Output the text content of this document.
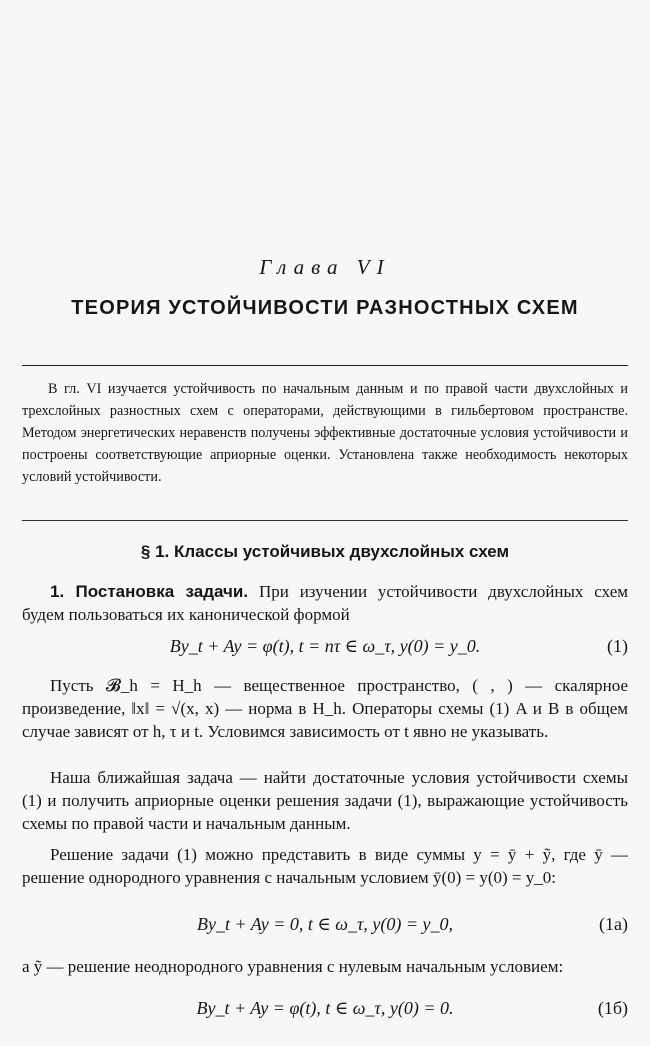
Глава VI
ТЕОРИЯ УСТОЙЧИВОСТИ РАЗНОСТНЫХ СХЕМ

В гл. VI изучается устойчивость по начальным данным и по правой части двухслойных и трехслойных разностных схем с операторами, действующими в гильбертовом пространстве. Методом энергетических неравенств получены эффективные достаточные условия устойчивости и построены соответствующие априорные оценки. Установлена также необходимость некоторых условий устойчивости.

§ 1. Классы устойчивых двухслойных схем

1. Постановка задачи. При изучении устойчивости двухслойных схем будем пользоваться их канонической формой

By_t + Ay = φ(t), t = nτ ∈ ω_τ, y(0) = y_0.	(1)

Пусть 𝓑_h = H_h — вещественное пространство, ( , ) — скалярное произведение, ‖x‖ = √(x, x) — норма в H_h. Операторы схемы (1) A и B в общем случае зависят от h, τ и t. Условимся зависимость от t явно не указывать.

Наша ближайшая задача — найти достаточные условия устойчивости схемы (1) и получить априорные оценки решения задачи (1), выражающие устойчивость схемы по правой части и начальным данным.

Решение задачи (1) можно представить в виде суммы y = ȳ + ỹ, где ȳ — решение однородного уравнения с начальным условием ȳ(0) = y(0) = y_0:

By_t + Ay = 0, t ∈ ω_τ, y(0) = y_0,	(1а)

а ỹ — решение неоднородного уравнения с нулевым начальным условием:

By_t + Ay = φ(t), t ∈ ω_τ, y(0) = 0.	(1б)
